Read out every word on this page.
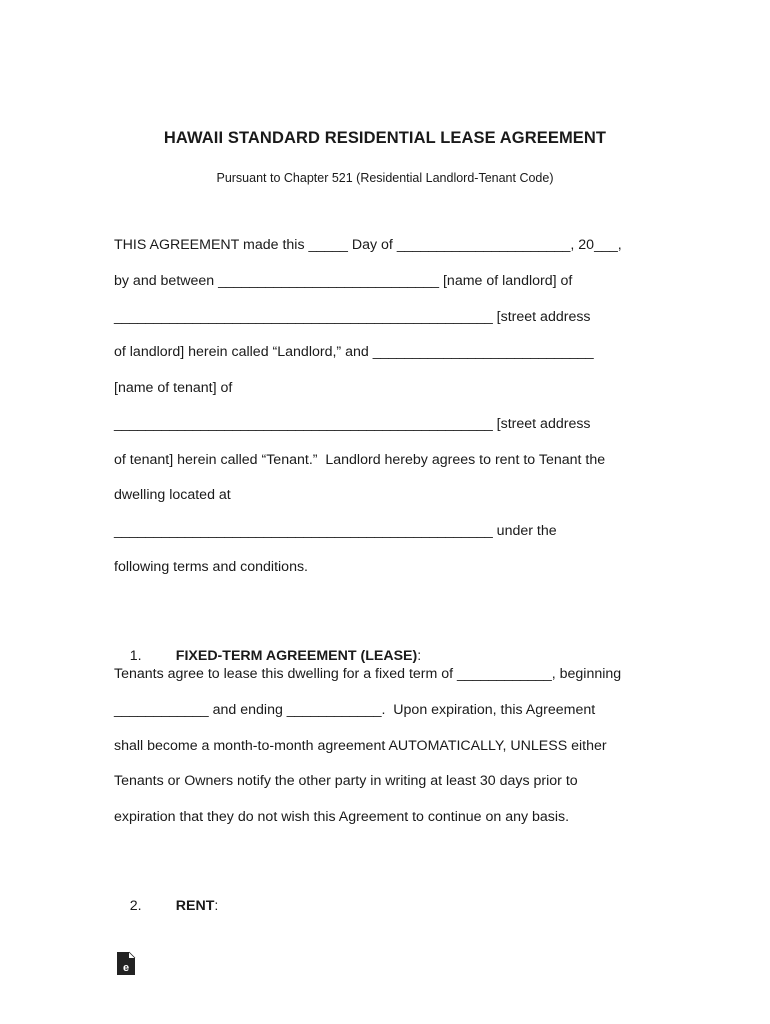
HAWAII STANDARD RESIDENTIAL LEASE AGREEMENT
Pursuant to Chapter 521 (Residential Landlord-Tenant Code)
THIS AGREEMENT made this _____ Day of ______________________, 20___,
by and between ____________________________ [name of landlord] of
________________________________________________ [street address
of landlord] herein called “Landlord,” and ____________________________
[name of tenant] of
________________________________________________ [street address
of tenant] herein called “Tenant.”  Landlord hereby agrees to rent to Tenant the
dwelling located at
________________________________________________ under the
following terms and conditions.

1. FIXED-TERM AGREEMENT (LEASE):

Tenants agree to lease this dwelling for a fixed term of ____________, beginning
____________ and ending ____________.  Upon expiration, this Agreement
shall become a month-to-month agreement AUTOMATICALLY, UNLESS either
Tenants or Owners notify the other party in writing at least 30 days prior to
expiration that they do not wish this Agreement to continue on any basis.

2. RENT:

e
